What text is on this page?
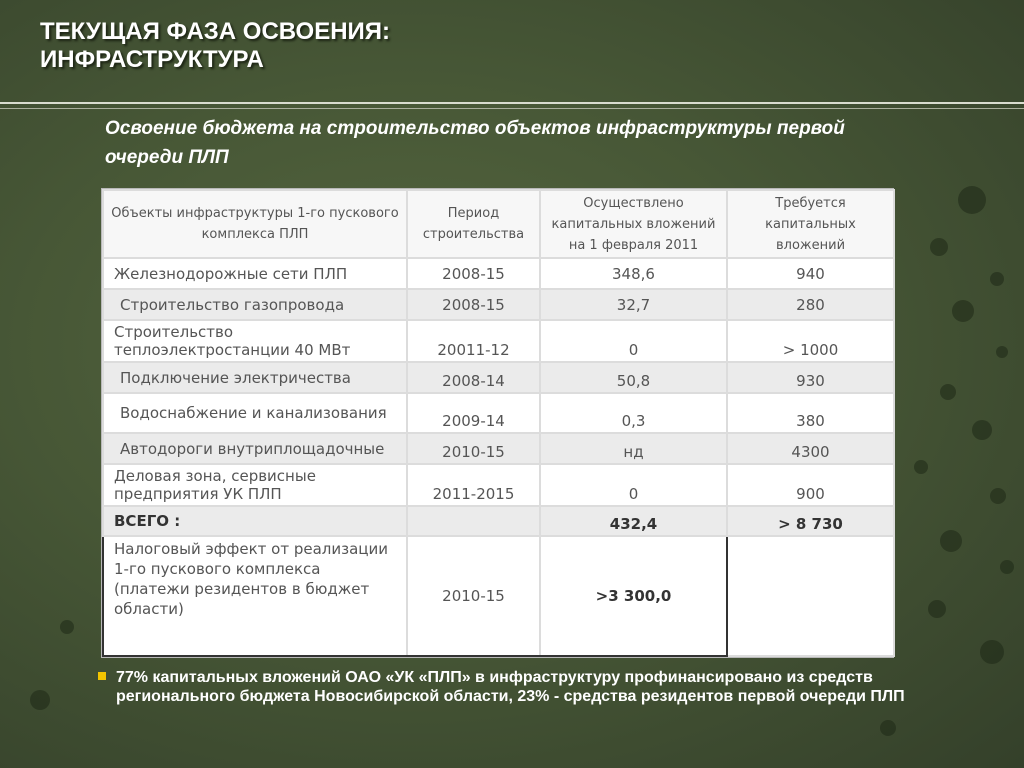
ТЕКУЩАЯ ФАЗА ОСВОЕНИЯ:
ИНФРАСТРУКТУРА
Освоение бюджета на строительство объектов инфраструктуры первой
очереди ПЛП
Объекты инфраструктуры 1-го пускового комплекса ПЛП	Период строительства	Осуществлено капитальных вложений на 1 февраля 2011	Требуется капитальных вложений
Железнодорожные сети ПЛП	2008-15	348,6	940
Строительство газопровода	2008-15	32,7	280
Строительство теплоэлектростанции 40 МВт	20011-12	0	> 1000
Подключение электричества	2008-14	50,8	930
Водоснабжение и канализования	2009-14	0,3	380
Автодороги внутриплощадочные	2010-15	нд	4300
Деловая зона, сервисные предприятия УК ПЛП	2011-2015	0	900
ВСЕГО :		432,4	> 8 730
Налоговый эффект от реализации 1-го пускового комплекса (платежи резидентов в бюджет области)	2010-15	>3 300,0	
77% капитальных вложений ОАО «УК «ПЛП» в инфраструктуру профинансировано из средств регионального бюджета Новосибирской области, 23% - средства резидентов первой очереди ПЛП
